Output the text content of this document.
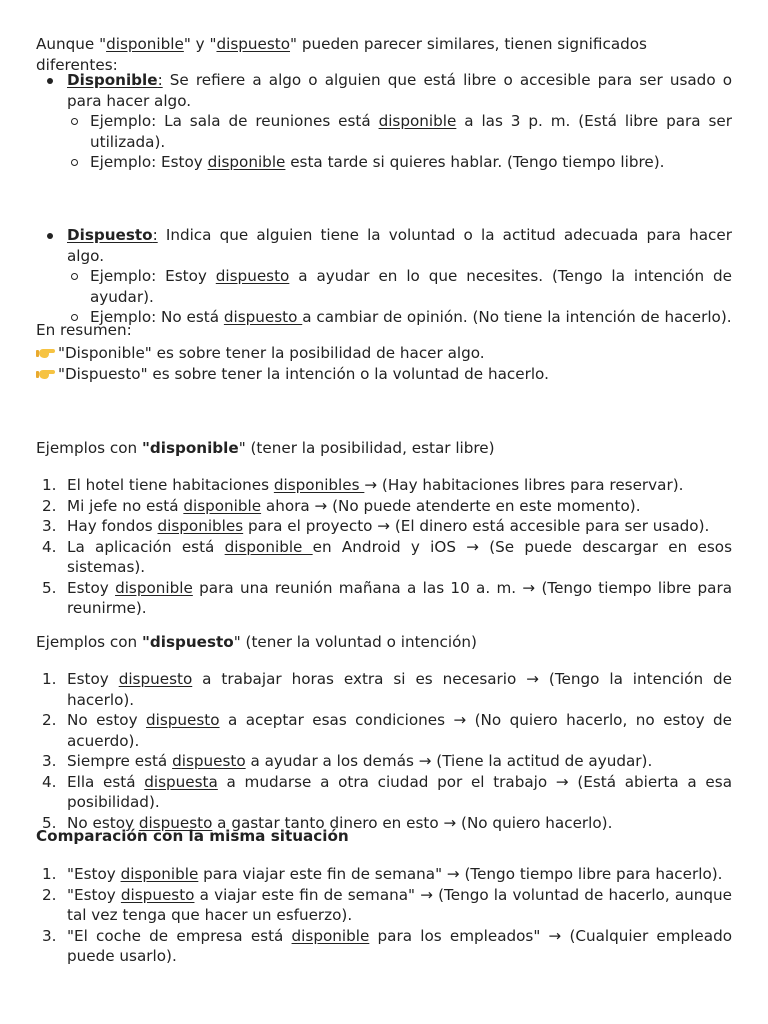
Aunque "disponible" y "dispuesto" pueden parecer similares, tienen significados diferentes:

Disponible: Se refiere a algo o alguien que está libre o accesible para ser usado o para hacer algo.
Ejemplo: La sala de reuniones está disponible a las 3 p. m. (Está libre para ser utilizada).
Ejemplo: Estoy disponible esta tarde si quieres hablar. (Tengo tiempo libre).
Dispuesto: Indica que alguien tiene la voluntad o la actitud adecuada para hacer algo.
Ejemplo: Estoy dispuesto a ayudar en lo que necesites. (Tengo la intención de ayudar).
Ejemplo: No está dispuesto a cambiar de opinión. (No tiene la intención de hacerlo).
En resumen:
"Disponible" es sobre tener la posibilidad de hacer algo.
"Dispuesto" es sobre tener la intención o la voluntad de hacerlo.

Ejemplos con "disponible" (tener la posibilidad, estar libre)

1. El hotel tiene habitaciones disponibles → (Hay habitaciones libres para reservar).
2. Mi jefe no está disponible ahora → (No puede atenderte en este momento).
3. Hay fondos disponibles para el proyecto → (El dinero está accesible para ser usado).
4. La aplicación está disponible en Android y iOS → (Se puede descargar en esos sistemas).
5. Estoy disponible para una reunión mañana a las 10 a. m. → (Tengo tiempo libre para reunirme).

Ejemplos con "dispuesto" (tener la voluntad o intención)

1. Estoy dispuesto a trabajar horas extra si es necesario → (Tengo la intención de hacerlo).
2. No estoy dispuesto a aceptar esas condiciones → (No quiero hacerlo, no estoy de acuerdo).
3. Siempre está dispuesto a ayudar a los demás → (Tiene la actitud de ayudar).
4. Ella está dispuesta a mudarse a otra ciudad por el trabajo → (Está abierta a esa posibilidad).
5. No estoy dispuesto a gastar tanto dinero en esto → (No quiero hacerlo).

Comparación con la misma situación

1. "Estoy disponible para viajar este fin de semana" → (Tengo tiempo libre para hacerlo).
2. "Estoy dispuesto a viajar este fin de semana" → (Tengo la voluntad de hacerlo, aunque tal vez tenga que hacer un esfuerzo).
3. "El coche de empresa está disponible para los empleados" → (Cualquier empleado puede usarlo).
